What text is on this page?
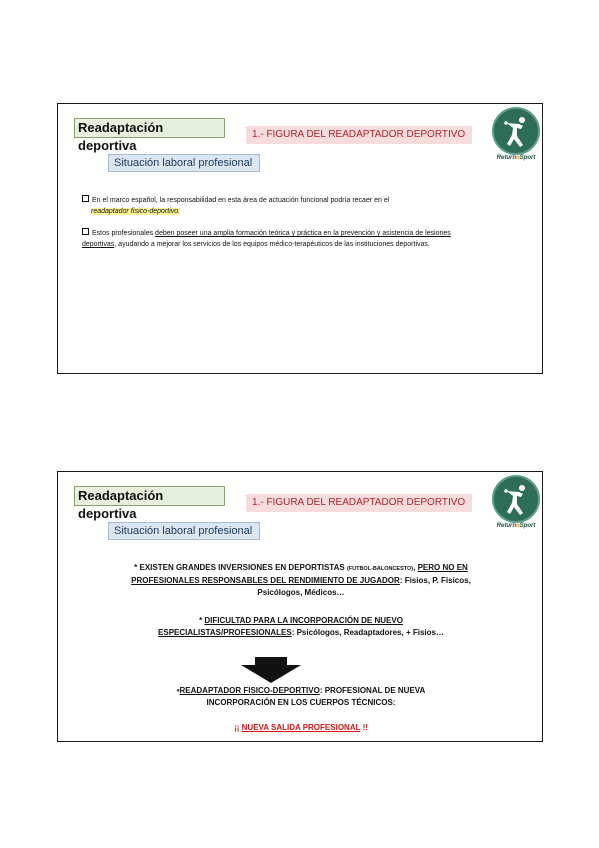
Readaptación deportiva
1.- FIGURA DEL READAPTADOR DEPORTIVO
Situación laboral profesional	ReturnoSport
En el marco español, la responsabilidad en esta área de actuación funcional podría recaer en el
readaptador físico-deportivo.
Estos profesionales deben poseer una amplia formación teórica y práctica en la prevención y asistencia de lesiones deportivas, ayudando a mejorar los servicios de los equipos médico-terapéuticos de las instituciones deportivas.
Readaptación deportiva
1.- FIGURA DEL READAPTADOR DEPORTIVO
Situación laboral profesional	ReturnoSport
* EXISTEN GRANDES INVERSIONES EN DEPORTISTAS (FUTBOL-BALONCESTO), PERO NO EN PROFESIONALES RESPONSABLES DEL RENDIMIENTO DE JUGADOR: Fisios, P. Físicos, Psicólogos, Médicos…
* DIFICULTAD PARA LA INCORPORACIÓN DE NUEVO ESPECIALISTAS/PROFESIONALES: Psicólogos, Readaptadores, + Fisios…
•READAPTADOR FISICO-DEPORTIVO: PROFESIONAL DE NUEVA INCORPORACIÓN EN LOS CUERPOS TÉCNICOS:
¡¡ NUEVA SALIDA PROFESIONAL !!
